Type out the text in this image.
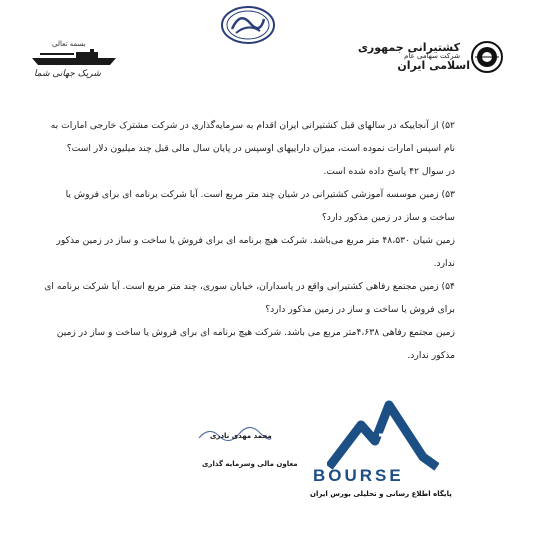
بسمه تعالی
شریک جهانی شما
کشتیرانی جمهوری
شرکت سهامی عام
اسلامی ایران

۵۲) از آنجاییکه در سالهای قبل کشتیرانی ایران اقدام به سرمایه‌گذاری در شرکت مشترک خارجی امارات به نام اسپس امارات نموده است، میزان داراییهای اوسپس در پایان سال مالی قبل چند میلیون دلار است؟

در سوال ۴۲ پاسخ داده شده است.

۵۳) زمین موسسه آموزشی کشتیرانی در شیان چند متر مربع است. آیا شرکت برنامه ای برای فروش یا ساخت و ساز در زمین مذکور دارد؟

زمین شیان ۴۸،۵۳۰ متر مربع می‌باشد. شرکت هیچ برنامه ای برای فروش یا ساخت و ساز در زمین مذکور ندارد.

۵۴) زمین مجتمع رفاهی کشتیرانی واقع در پاسداران، خیابان سوری، چند متر مربع است. آیا شرکت برنامه ای برای فروش یا ساخت و ساز در زمین مذکور دارد؟

زمین مجتمع رفاهی ۴،۶۳۸متر مربع می باشد. شرکت هیچ برنامه ای برای فروش یا ساخت و ساز در زمین مذکور ندارد.

محمد مهدی نادری
معاون مالی وسرمایه گذاری
BOURSE
پایگاه اطلاع رسانی و تحلیلی بورس ایران
